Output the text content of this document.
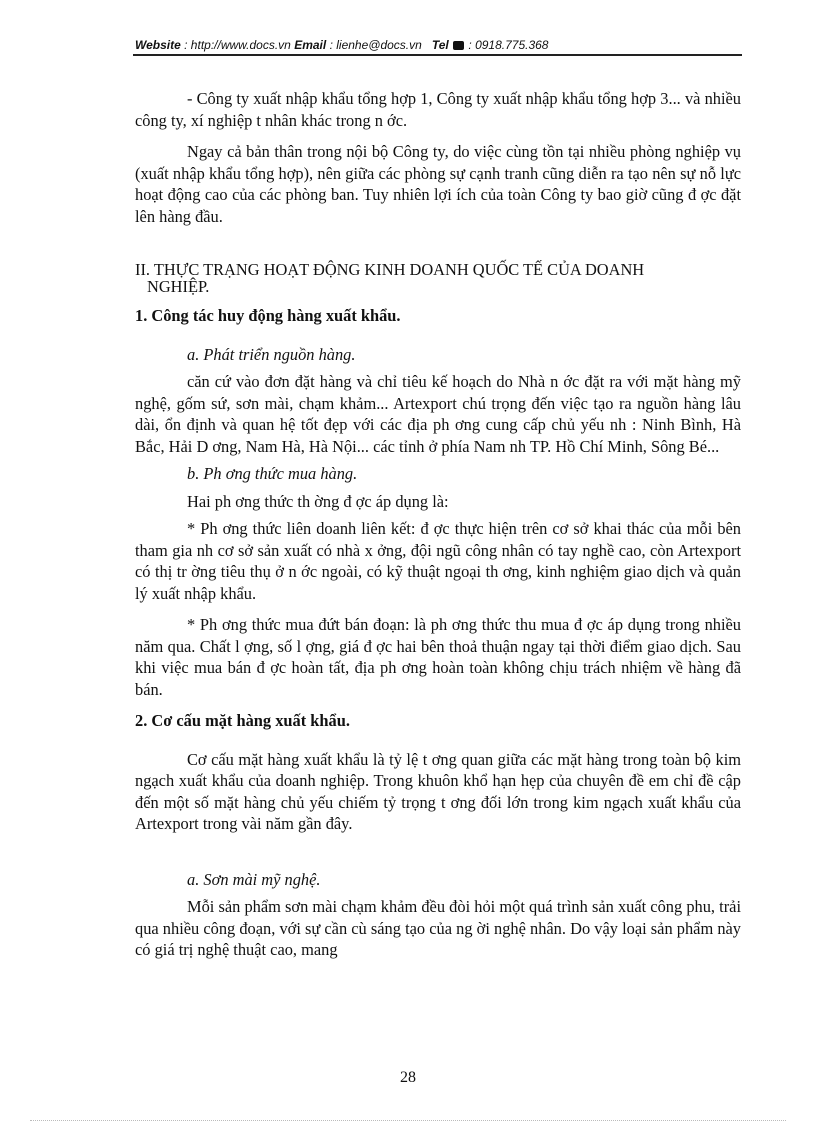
Website : http://www.docs.vn Email : lienhe@docs.vn Tel : 0918.775.368

- Công ty xuất nhập khẩu tổng hợp 1, Công ty xuất nhập khẩu tổng hợp 3... và nhiều công ty, xí nghiệp t nhân khác trong n ớc.

Ngay cả bản thân trong nội bộ Công ty, do việc cùng tồn tại nhiều phòng nghiệp vụ (xuất nhập khẩu tổng hợp), nên giữa các phòng sự cạnh tranh cũng diễn ra tạo nên sự nỗ lực hoạt động cao của các phòng ban. Tuy nhiên lợi ích của toàn Công ty bao giờ cũng đ ợc đặt lên hàng đầu.

II. THỰC TRẠNG HOẠT ĐỘNG KINH DOANH QUỐC TẾ CỦA DOANH
NGHIỆP.

1. Công tác huy động hàng xuất khẩu.

a. Phát triển nguồn hàng.

căn cứ vào đơn đặt hàng và chỉ tiêu kế hoạch do Nhà n ớc đặt ra với mặt hàng mỹ nghệ, gốm sứ, sơn mài, chạm khảm... Artexport chú trọng đến việc tạo ra nguồn hàng lâu dài, ổn định và quan hệ tốt đẹp với các địa ph ơng cung cấp chủ yếu nh : Ninh Bình, Hà Bắc, Hải D ơng, Nam Hà, Hà Nội... các tỉnh ở phía Nam nh TP. Hồ Chí Minh, Sông Bé...

b. Ph ơng thức mua hàng.

Hai ph ơng thức th ờng đ ợc áp dụng là:

* Ph ơng thức liên doanh liên kết: đ ợc thực hiện trên cơ sở khai thác của mỗi bên tham gia nh cơ sở sản xuất có nhà x ởng, đội ngũ công nhân có tay nghề cao, còn Artexport có thị tr ờng tiêu thụ ở n ớc ngoài, có kỹ thuật ngoại th ơng, kinh nghiệm giao dịch và quản lý xuất nhập khẩu.

* Ph ơng thức mua đứt bán đoạn: là ph ơng thức thu mua đ ợc áp dụng trong nhiều năm qua. Chất l ợng, số l ợng, giá đ ợc hai bên thoả thuận ngay tại thời điểm giao dịch. Sau khi việc mua bán đ ợc hoàn tất, địa ph ơng hoàn toàn không chịu trách nhiệm về hàng đã bán.

2. Cơ cấu mặt hàng xuất khẩu.

Cơ cấu mặt hàng xuất khẩu là tỷ lệ t ơng quan giữa các mặt hàng trong toàn bộ kim ngạch xuất khẩu của doanh nghiệp. Trong khuôn khổ hạn hẹp của chuyên đề em chỉ đề cập đến một số mặt hàng chủ yếu chiếm tỷ trọng t ơng đối lớn trong kim ngạch xuất khẩu của Artexport trong vài năm gần đây.

a. Sơn mài mỹ nghệ.

Mỗi sản phẩm sơn mài chạm khảm đều đòi hỏi một quá trình sản xuất công phu, trải qua nhiều công đoạn, với sự cần cù sáng tạo của ng ời nghệ nhân. Do vậy loại sản phẩm này có giá trị nghệ thuật cao, mang

28
